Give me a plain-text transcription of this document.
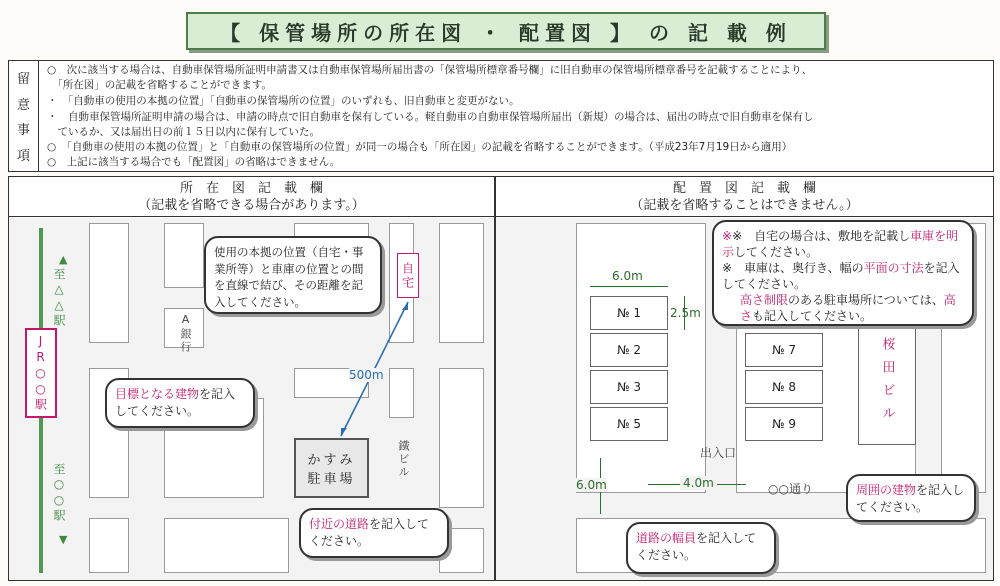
【 保管場所の所在図 ・ 配置図 】 の 記 載 例
留
意
事
項
○　次に該当する場合は、自動車保管場所証明申請書又は自動車保管場所届出書の「保管場所標章番号欄」に旧自動車の保管場所標章番号を記載することにより、
　「所在図」の記載を省略することができます。
・　「自動車の使用の本拠の位置」「自動車の保管場所の位置」のいずれも、旧自動車と変更がない。
・　自動車保管場所証明申請の場合は、申請の時点で旧自動車を保有している。軽自動車の自動車保管場所届出（新規）の場合は、届出の時点で旧自動車を保有し
　ているか、又は届出日の前１５日以内に保有していた。
○　「自動車の使用の本拠の位置」と「自動車の保管場所の位置」が同一の場合も「所在図」の記載を省略することができます。（平成23年7月19日から適用）
○　上記に該当する場合でも「配置図」の省略はできません。
所　在　図　記　載　欄
（記載を省略できる場合があります。）
至△△駅
▲
至○○駅
▼
JR○○駅
A銀行
自宅
かすみ
駐車場
鐵ビル
500m
使用の本拠の位置（自宅・事業所等）と車庫の位置との間を直線で結び、その距離を記入してください。
目標となる建物を記入してください。
付近の道路を記入してください。
配　置　図　記　載　欄
（記載を省略することはできません。）
№ 1
№ 2
№ 3
№ 5
№ 7
№ 8
№ 9	桜田ビル
6.0m
2.5m
6.0m	4.0m
出入口
○○通り
※※　自宅の場合は、敷地を記載し車庫を明示してください。
※　車庫は、奥行き、幅の平面の寸法を記入してください。
高さ制限のある駐車場所については、高さも記入してください。
道路の幅員を記入してください。
周囲の建物を記入してください。
